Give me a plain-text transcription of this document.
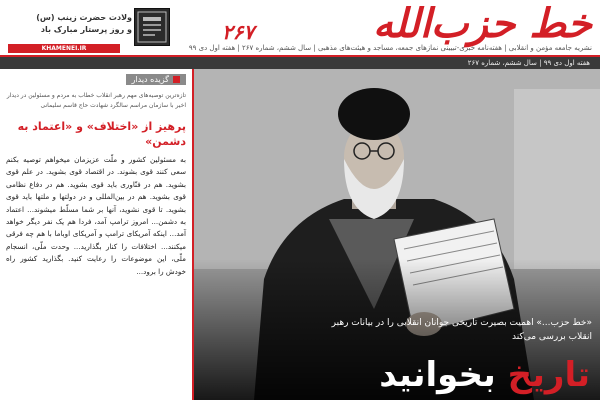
خط حزب‌الله
۲۶۷
نشریه جامعه مؤمن و انقلابی | هفته‌نامه خبری-تبیینی نمازهای جمعه، مساجد و هیئت‌های مذهبی | سال ششم، شماره ۲۶۷ | هفته اول دی ۹۹
ولادت حضرت زینب (س)
و روز پرستار مبارک باد
KHAMENEI.IR
هفته اول دی ۹۹ | سال ششم، شماره ۲۶۷
گزیده دیدار
تازه‌ترین توصیه‌های مهم رهبر انقلاب خطاب به مردم و مسئولین در دیدار اخیر با سازمان مراسم سالگرد شهادت حاج قاسم سلیمانی
پرهیز از «اختلاف» و «اعتماد به دشمن»
به مسئولین کشور و ملّت عزیزمان میخواهم توصیه بکنم سعی کنند قوی بشوند. در اقتصاد قوی بشوید. در علم قوی بشوید. هم در فنّاوری باید قوی بشوید. هم در دفاع نظامی قوی بشوید. هم در بین‌المللی و در دولتها و ملتها باید قوی بشوید. تا قوی نشوید، آنها بر شما مسلّط میشوند... اعتماد به دشمن... امروز ترامپ آمد، فردا هم یک نفر دیگر خواهد آمد... اینکه آمریکای ترامپ و آمریکای اوباما با هم چه فرقی میکنند... اختلافات را کنار بگذارید... وحدت ملّی، انسجام ملّی، این موضوعات را رعایت کنید. بگذارید کشور راه خودش را برود...
«خط حزب...» اهمیت بصیرت تاریخی جوانان انقلابی را در بیانات رهبر انقلاب بررسی می‌کند
تاریخ بخوانید
